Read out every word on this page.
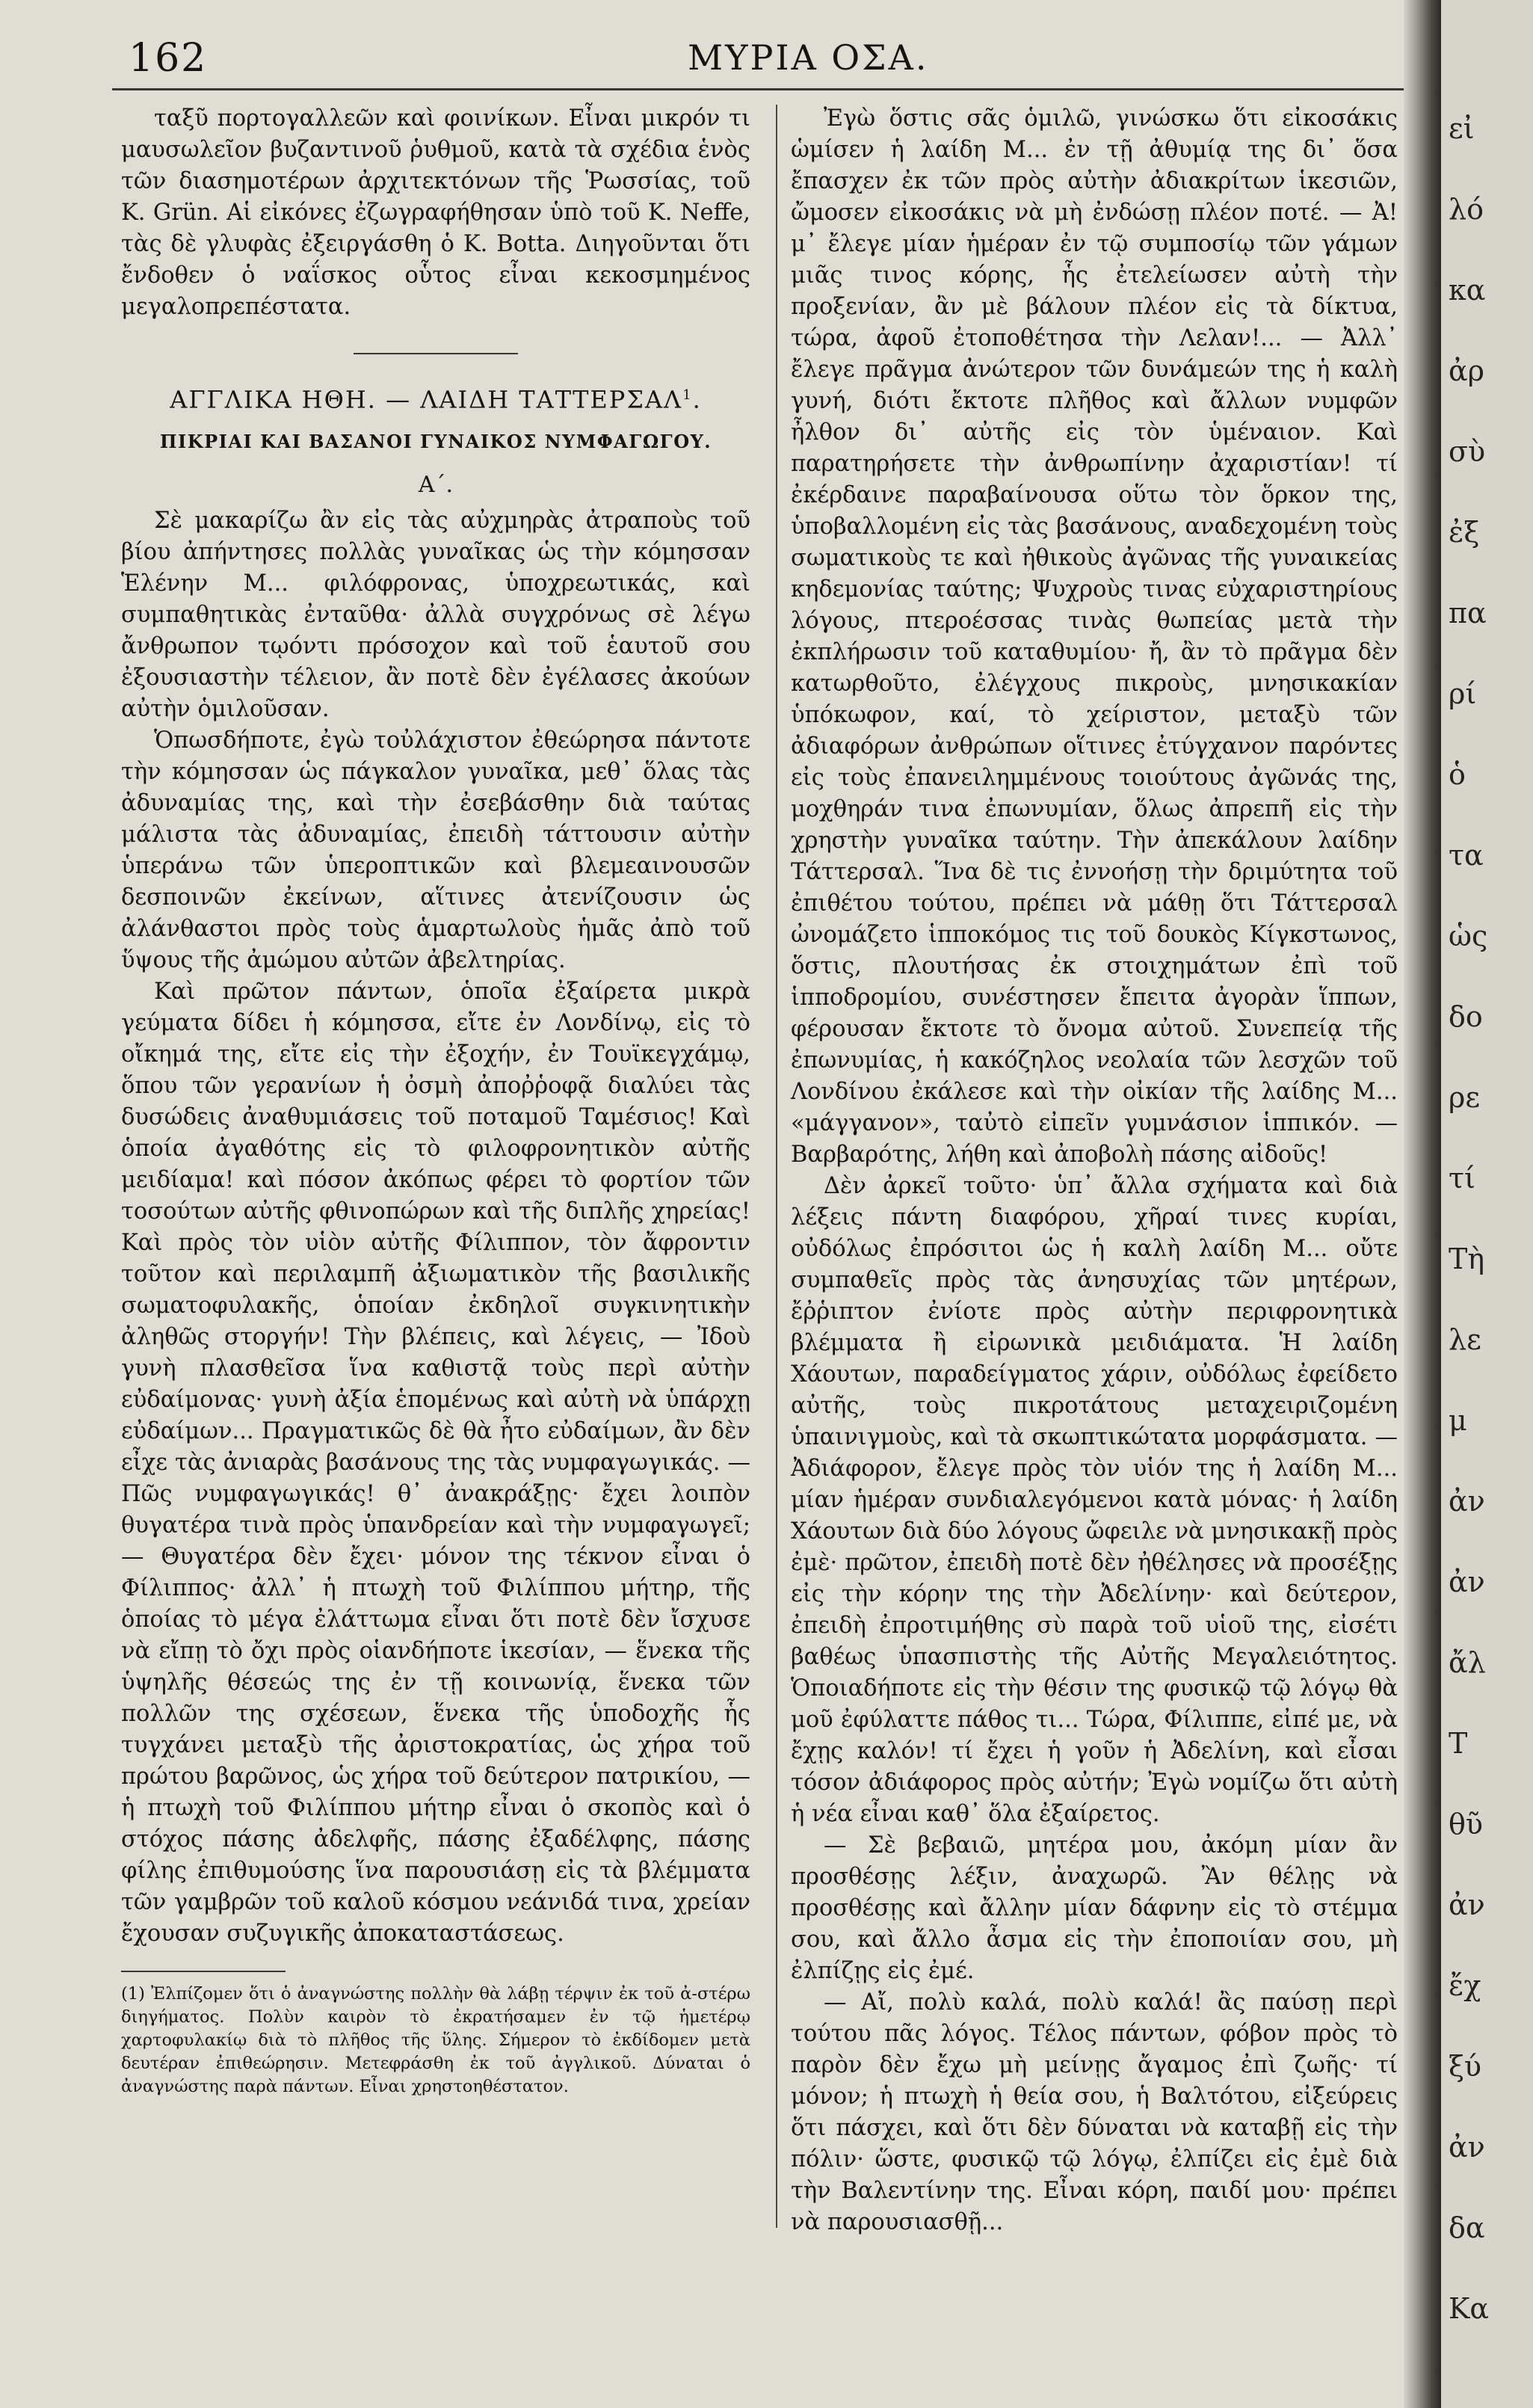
162	ΜΥΡΙΑ ΟΣΑ.

ταξῦ πορτογαλλεῶν καὶ φοινίκων. Εἶναι μικρόν τι μαυσωλεῖον βυζαντινοῦ ῥυθμοῦ, κατὰ τὰ σχέδια ἑνὸς τῶν διασημοτέρων ἀρχιτεκτόνων τῆς Ῥωσσίας, τοῦ Κ. Grün. Αἱ εἰκόνες ἐζωγραφήθησαν ὑπὸ τοῦ Κ. Neffe, τὰς δὲ γλυφὰς ἐξειργάσθη ὁ Κ. Botta. Διηγοῦνται ὅτι ἔνδοθεν ὁ ναΐσκος οὗτος εἶναι κεκοσμημένος μεγαλοπρεπέστατα.

ΑΓΓΛΙΚΑ ΗΘΗ. — ΛΑΙΔΗ ΤΑΤΤΕΡΣΑΛ$^1$.
ΠΙΚΡΙΑΙ ΚΑΙ ΒΑΣΑΝΟΙ ΓΥΝΑΙΚΟΣ ΝΥΜΦΑΓΩΓΟΥ.
Α΄.

Σὲ μακαρίζω ἂν εἰς τὰς αὐχμηρὰς ἀτραποὺς τοῦ βίου ἀπήντησες πολλὰς γυναῖκας ὡς τὴν κόμησσαν Ἑλένην Μ... φιλόφρονας, ὑποχρεωτικάς, καὶ συμπαθητικὰς ἐνταῦθα· ἀλλὰ συγχρόνως σὲ λέγω ἄνθρωπον τῳόντι πρόσοχον καὶ τοῦ ἑαυτοῦ σου ἐξουσιαστὴν τέλειον, ἂν ποτὲ δὲν ἐγέλασες ἀκούων αὐτὴν ὁμιλοῦσαν.

Ὁπωσδήποτε, ἐγὼ τοὐλάχιστον ἐθεώρησα πάντοτε τὴν κόμησσαν ὡς πάγκαλον γυναῖκα, μεθ᾽ ὅλας τὰς ἀδυναμίας της, καὶ τὴν ἐσεβάσθην διὰ ταύτας μάλιστα τὰς ἀδυναμίας, ἐπειδὴ τάττουσιν αὐτὴν ὑπεράνω τῶν ὑπεροπτικῶν καὶ βλεμεαινουσῶν δεσποινῶν ἐκείνων, αἵτινες ἀτενίζουσιν ὡς ἀλάνθαστοι πρὸς τοὺς ἁμαρτωλοὺς ἡμᾶς ἀπὸ τοῦ ὕψους τῆς ἀμώμου αὐτῶν ἀβελτηρίας.

Καὶ πρῶτον πάντων, ὁποῖα ἐξαίρετα μικρὰ γεύματα δίδει ἡ κόμησσα, εἴτε ἐν Λονδίνῳ, εἰς τὸ οἴκημά της, εἴτε εἰς τὴν ἐξοχήν, ἐν Τουϊκεγχάμῳ, ὅπου τῶν γερανίων ἡ ὀσμὴ ἀποῤῥοφᾷ διαλύει τὰς δυσώδεις ἀναθυμιάσεις τοῦ ποταμοῦ Ταμέσιος! Καὶ ὁποία ἀγαθότης εἰς τὸ φιλοφρονητικὸν αὐτῆς μειδίαμα! καὶ πόσον ἀκόπως φέρει τὸ φορτίον τῶν τοσούτων αὐτῆς φθινοπώρων καὶ τῆς διπλῆς χηρείας! Καὶ πρὸς τὸν υἱὸν αὐτῆς Φίλιππον, τὸν ἄφροντιν τοῦτον καὶ περιλαμπῆ ἀξιωματικὸν τῆς βασιλικῆς σωματοφυλακῆς, ὁποίαν ἐκδηλοῖ συγκινητικὴν ἀληθῶς στοργήν! Τὴν βλέπεις, καὶ λέγεις, — Ἰδοὺ γυνὴ πλασθεῖσα ἵνα καθιστᾷ τοὺς περὶ αὐτὴν εὐδαίμονας· γυνὴ ἀξία ἑπομένως καὶ αὐτὴ νὰ ὑπάρχῃ εὐδαίμων... Πραγματικῶς δὲ θὰ ἦτο εὐδαίμων, ἂν δὲν εἶχε τὰς ἀνιαρὰς βασάνους της τὰς νυμφαγωγικάς. — Πῶς νυμφαγωγικάς! θ᾽ ἀνακράξῃς· ἔχει λοιπὸν θυγατέρα τινὰ πρὸς ὑπανδρείαν καὶ τὴν νυμφαγωγεῖ; — Θυγατέρα δὲν ἔχει· μόνον της τέκνον εἶναι ὁ Φίλιππος· ἀλλ᾽ ἡ πτωχὴ τοῦ Φιλίππου μήτηρ, τῆς ὁποίας τὸ μέγα ἐλάττωμα εἶναι ὅτι ποτὲ δὲν ἴσχυσε νὰ εἴπῃ τὸ ὄχι πρὸς οἱανδήποτε ἱκεσίαν, — ἕνεκα τῆς ὑψηλῆς θέσεώς της ἐν τῇ κοινωνίᾳ, ἕνεκα τῶν πολλῶν της σχέσεων, ἕνεκα τῆς ὑποδοχῆς ἧς τυγχάνει μεταξὺ τῆς ἀριστοκρατίας, ὡς χήρα τοῦ πρώτου βαρῶνος, ὡς χήρα τοῦ δεύτερον πατρικίου, — ἡ πτωχὴ τοῦ Φιλίππου μήτηρ εἶναι ὁ σκοπὸς καὶ ὁ στόχος πάσης ἀδελφῆς, πάσης ἐξαδέλφης, πάσης φίλης ἐπιθυμούσης ἵνα παρουσιάσῃ εἰς τὰ βλέμματα τῶν γαμβρῶν τοῦ καλοῦ κόσμου νεάνιδά τινα, χρείαν ἔχουσαν συζυγικῆς ἀποκαταστάσεως.

(1) Ἐλπίζομεν ὅτι ὁ ἀναγνώστης πολλὴν θὰ λάβῃ τέρψιν ἐκ τοῦ ἀ-στέρω διηγήματος. Πολὺν καιρὸν τὸ ἐκρατήσαμεν ἐν τῷ ἡμετέρῳ χαρτοφυλακίῳ διὰ τὸ πλῆθος τῆς ὕλης. Σήμερον τὸ ἐκδίδομεν μετὰ δευτέραν ἐπιθεώρησιν. Μετεφράσθη ἐκ τοῦ ἀγγλικοῦ. Δύναται ὁ ἀναγνώστης παρὰ πάντων. Εἶναι χρηστοηθέστατον.

Ἐγὼ ὅστις σᾶς ὁμιλῶ, γινώσκω ὅτι εἰκοσάκις ὡμίσεν ἡ λαίδη Μ... ἐν τῇ ἀθυμίᾳ της δι᾽ ὅσα ἔπασχεν ἐκ τῶν πρὸς αὐτὴν ἀδιακρίτων ἱκεσιῶν, ὤμοσεν εἰκοσάκις νὰ μὴ ἐνδώσῃ πλέον ποτέ. — Ἀ! μ᾽ ἔλεγε μίαν ἡμέραν ἐν τῷ συμποσίῳ τῶν γάμων μιᾶς τινος κόρης, ἧς ἐτελείωσεν αὐτὴ τὴν προξενίαν, ἂν μὲ βάλουν πλέον εἰς τὰ δίκτυα, τώρα, ἀφοῦ ἐτοποθέτησα τὴν Λελαν!... — Ἀλλ᾽ ἔλεγε πρᾶγμα ἀνώτερον τῶν δυνάμεών της ἡ καλὴ γυνή, διότι ἔκτοτε πλῆθος καὶ ἄλλων νυμφῶν ἦλθον δι᾽ αὐτῆς εἰς τὸν ὑμέναιον. Καὶ παρατηρήσετε τὴν ἀνθρωπίνην ἀχαριστίαν! τί ἐκέρδαινε παραβαίνουσα οὕτω τὸν ὅρκον της, ὑποβαλλομένη εἰς τὰς βασάνους, αναδεχομένη τοὺς σωματικοὺς τε καὶ ἠθικοὺς ἀγῶνας τῆς γυναικείας κηδεμονίας ταύτης; Ψυχροὺς τινας εὐχαριστηρίους λόγους, πτεροέσσας τινὰς θωπείας μετὰ τὴν ἐκπλήρωσιν τοῦ καταθυμίου· ἤ, ἂν τὸ πρᾶγμα δὲν κατωρθοῦτο, ἐλέγχους πικροὺς, μνησικακίαν ὑπόκωφον, καί, τὸ χείριστον, μεταξὺ τῶν ἀδιαφόρων ἀνθρώπων οἵτινες ἐτύγχανον παρόντες εἰς τοὺς ἐπανειλημμένους τοιούτους ἀγῶνάς της, μοχθηράν τινα ἐπωνυμίαν, ὅλως ἀπρεπῆ εἰς τὴν χρηστὴν γυναῖκα ταύτην. Τὴν ἀπεκάλουν λαίδην Τάττερσαλ. Ἵνα δὲ τις ἐννοήσῃ τὴν δριμύτητα τοῦ ἐπιθέτου τούτου, πρέπει νὰ μάθῃ ὅτι Τάττερσαλ ὠνομάζετο ἱπποκόμος τις τοῦ δουκὸς Κίγκστωνος, ὅστις, πλουτήσας ἐκ στοιχημάτων ἐπὶ τοῦ ἱπποδρομίου, συνέστησεν ἔπειτα ἀγορὰν ἵππων, φέρουσαν ἔκτοτε τὸ ὄνομα αὐτοῦ. Συνεπείᾳ τῆς ἐπωνυμίας, ἡ κακόζηλος νεολαία τῶν λεσχῶν τοῦ Λονδίνου ἐκάλεσε καὶ τὴν οἰκίαν τῆς λαίδης Μ... «μάγγανον», ταὐτὸ εἰπεῖν γυμνάσιον ἱππικόν. — Βαρβαρότης, λήθη καὶ ἀποβολὴ πάσης αἰδοῦς!

Δὲν ἀρκεῖ τοῦτο· ὑπ᾽ ἄλλα σχήματα καὶ διὰ λέξεις πάντη διαφόρου, χῆραί τινες κυρίαι, οὐδόλως ἐπρόσιτοι ὡς ἡ καλὴ λαίδη Μ... οὔτε συμπαθεῖς πρὸς τὰς ἀνησυχίας τῶν μητέρων, ἔῤῥιπτον ἐνίοτε πρὸς αὐτὴν περιφρονητικὰ βλέμματα ἢ εἰρωνικὰ μειδιάματα. Ἡ λαίδη Χάουτων, παραδείγματος χάριν, οὐδόλως ἐφείδετο αὐτῆς, τοὺς πικροτάτους μεταχειριζομένη ὑπαινιγμοὺς, καὶ τὰ σκωπτικώτατα μορφάσματα. — Ἀδιάφορον, ἔλεγε πρὸς τὸν υἱόν της ἡ λαίδη Μ... μίαν ἡμέραν συνδιαλεγόμενοι κατὰ μόνας· ἡ λαίδη Χάουτων διὰ δύο λόγους ὤφειλε νὰ μνησικακῇ πρὸς ἐμὲ· πρῶτον, ἐπειδὴ ποτὲ δὲν ἠθέλησες νὰ προσέξῃς εἰς τὴν κόρην της τὴν Ἀδελίνην· καὶ δεύτερον, ἐπειδὴ ἐπροτιμήθης σὺ παρὰ τοῦ υἱοῦ της, εἰσέτι βαθέως ὑπασπιστὴς τῆς Αὐτῆς Μεγαλειότητος. Ὁποιαδήποτε εἰς τὴν θέσιν της φυσικῷ τῷ λόγῳ θὰ μοῦ ἐφύλαττε πάθος τι... Τώρα, Φίλιππε, εἰπέ με, νὰ ἔχῃς καλόν! τί ἔχει ἡ γοῦν ἡ Ἀδελίνη, καὶ εἶσαι τόσον ἀδιάφορος πρὸς αὐτήν; Ἐγὼ νομίζω ὅτι αὐτὴ ἡ νέα εἶναι καθ᾽ ὅλα ἐξαίρετος.

— Σὲ βεβαιῶ, μητέρα μου, ἀκόμη μίαν ἂν προσθέσῃς λέξιν, ἀναχωρῶ. Ἂν θέλῃς νὰ προσθέσῃς καὶ ἄλλην μίαν δάφνην εἰς τὸ στέμμα σου, καὶ ἄλλο ἆσμα εἰς τὴν ἐποποιίαν σου, μὴ ἐλπίζῃς εἰς ἐμέ.

— Αἴ, πολὺ καλά, πολὺ καλά! ἂς παύσῃ περὶ τούτου πᾶς λόγος. Τέλος πάντων, φόβον πρὸς τὸ παρὸν δὲν ἔχω μὴ μείνῃς ἄγαμος ἐπὶ ζωῆς· τί μόνον; ἡ πτωχὴ ἡ θεία σου, ἡ Βαλτότου, εἰξεύρεις ὅτι πάσχει, καὶ ὅτι δὲν δύναται νὰ καταβῇ εἰς τὴν πόλιν· ὥστε, φυσικῷ τῷ λόγῳ, ἐλπίζει εἰς ἐμὲ διὰ τὴν Βαλεντίνην της. Εἶναι κόρη, παιδί μου· πρέπει νὰ παρουσιασθῇ...

εἰ
λό
κα
ἀρ
σὺ
ἐξ
πα
ρί
ὁ
τα
ὡς
δο
ρε
τί
Τὴ
λε
μ
ἀν
ἀν
ἄλ
Τ
θῦ
ἀν
ἔχ
ξύ
ἀν
δα
Κα
